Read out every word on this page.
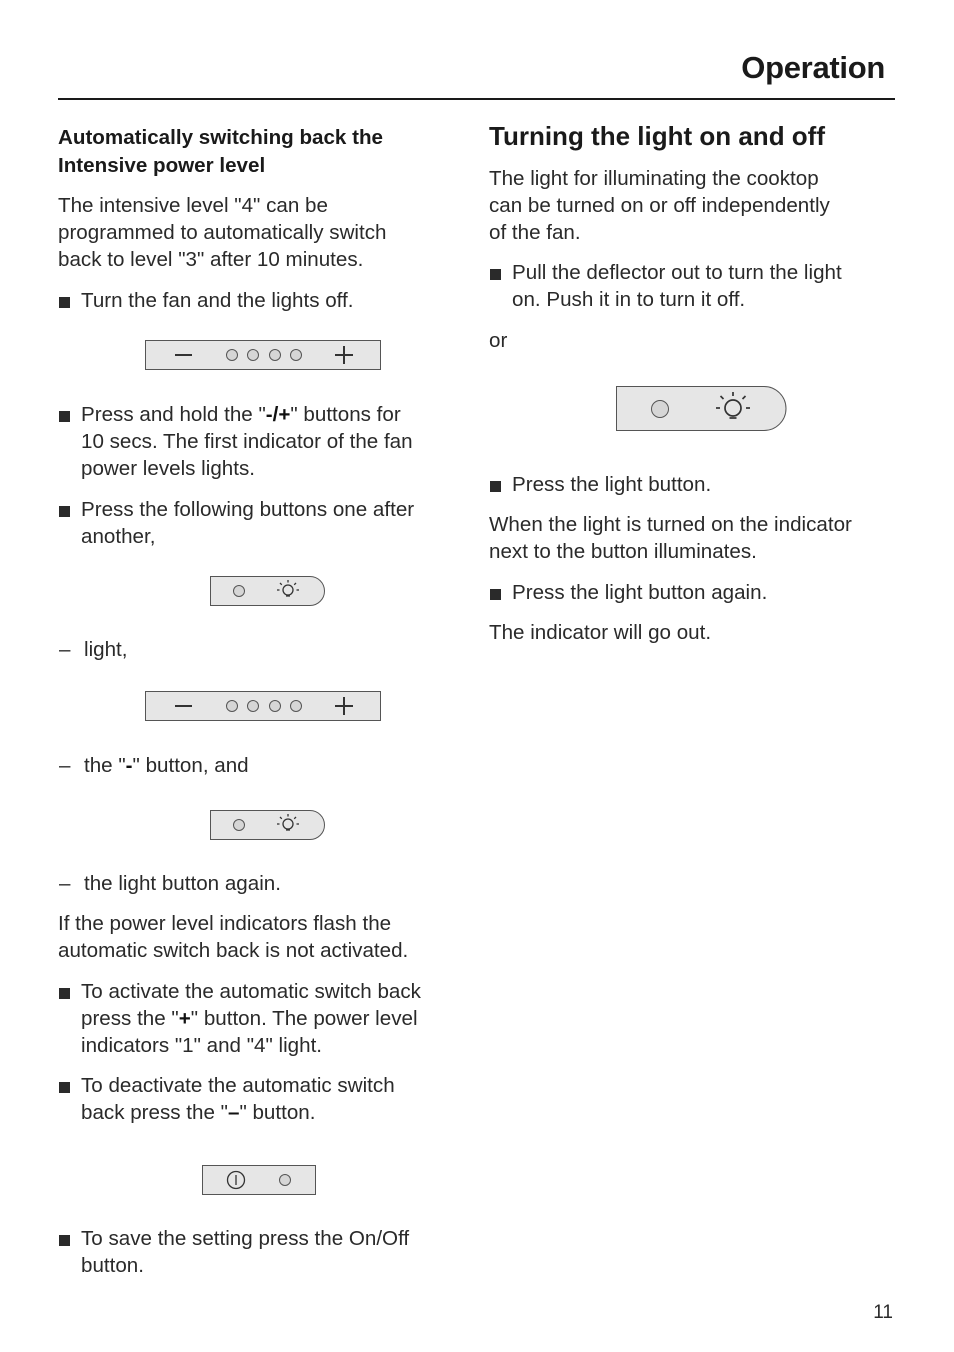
Operation
Automatically switching back the
Intensive power level
The intensive level "4" can be
programmed to automatically switch
back to level "3" after 10 minutes.
Turn the fan and the lights off.
Press and hold the "-/+" buttons for
10 secs. The first indicator of the fan
power levels lights.
Press the following buttons one after
another,
– light,
– the "-" button, and
– the light button again.
If the power level indicators flash the
automatic switch back is not activated.
To activate the automatic switch back
press the "+" button. The power level
indicators "1" and "4" light.
To deactivate the automatic switch
back press the "–" button.
To save the setting press the On/Off
button.
Turning the light on and off
The light for illuminating the cooktop
can be turned on or off independently
of the fan.
Pull the deflector out to turn the light
on. Push it in to turn it off.
or
Press the light button.
When the light is turned on the indicator
next to the button illuminates.
Press the light button again.
The indicator will go out.
11
